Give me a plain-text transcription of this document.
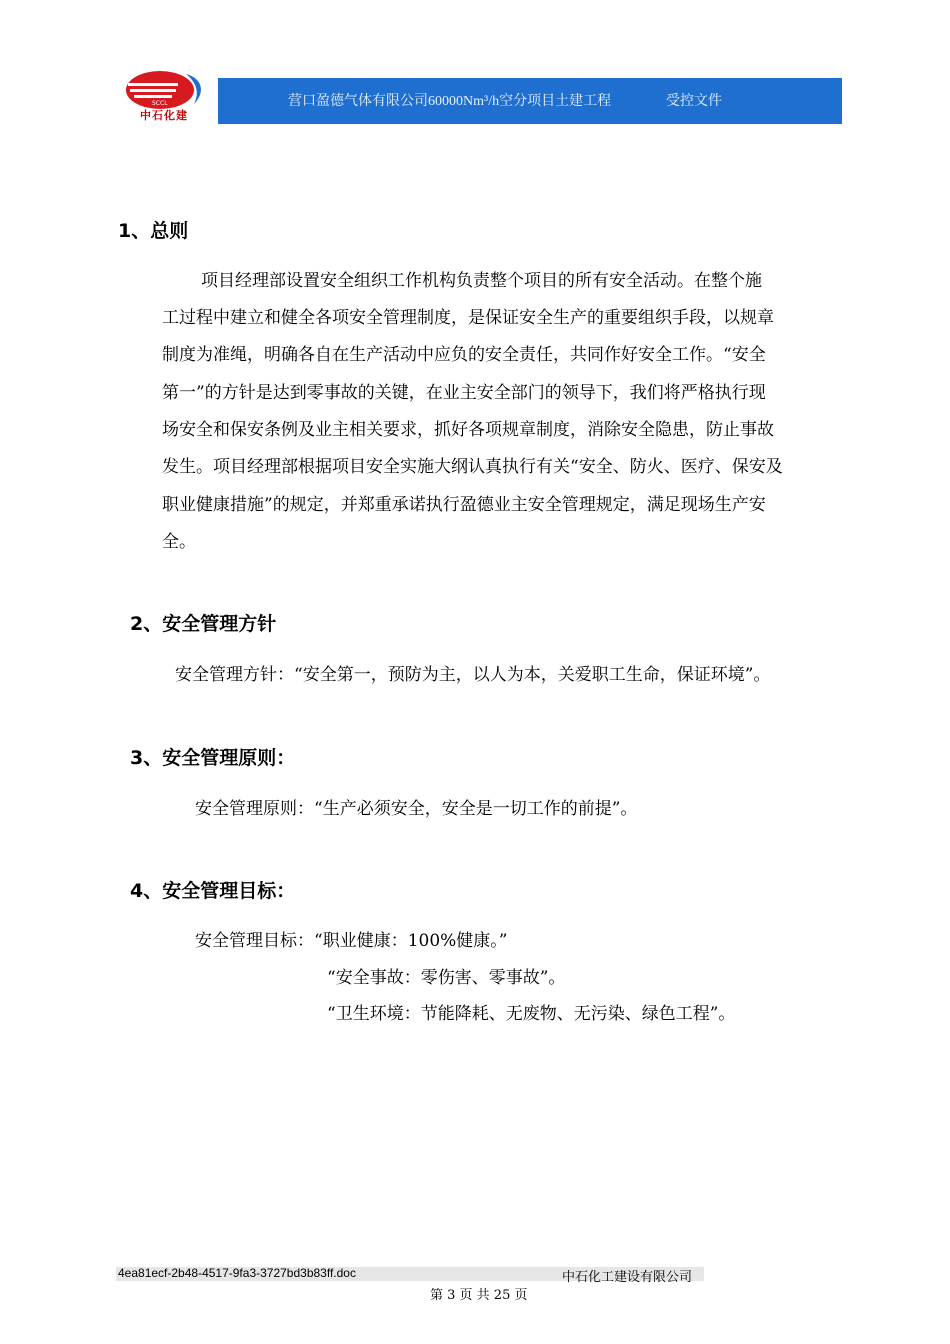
SCCL
中石化建
营口盈德气体有限公司60000Nm³/h空分项目土建工程	受控文件
1、总则
项目经理部设置安全组织工作机构负责整个项目的所有安全活动。在整个施
工过程中建立和健全各项安全管理制度，是保证安全生产的重要组织手段，以规章
制度为准绳，明确各自在生产活动中应负的安全责任，共同作好安全工作。“安全
第一”的方针是达到零事故的关键，在业主安全部门的领导下，我们将严格执行现
场安全和保安条例及业主相关要求，抓好各项规章制度，消除安全隐患，防止事故
发生。项目经理部根据项目安全实施大纲认真执行有关“安全、防火、医疗、保安及
职业健康措施”的规定，并郑重承诺执行盈德业主安全管理规定，满足现场生产安
全。
2、安全管理方针
安全管理方针：“安全第一，预防为主，以人为本，关爱职工生命，保证环境”。
3、安全管理原则：
安全管理原则：“生产必须安全，安全是一切工作的前提”。
4、安全管理目标：
安全管理目标：“职业健康：100%健康。”
“安全事故：零伤害、零事故”。
“卫生环境：节能降耗、无废物、无污染、绿色工程”。
4ea81ecf-2b48-4517-9fa3-3727bd3b83ff.doc	中石化工建设有限公司
第 3 页 共 25 页
